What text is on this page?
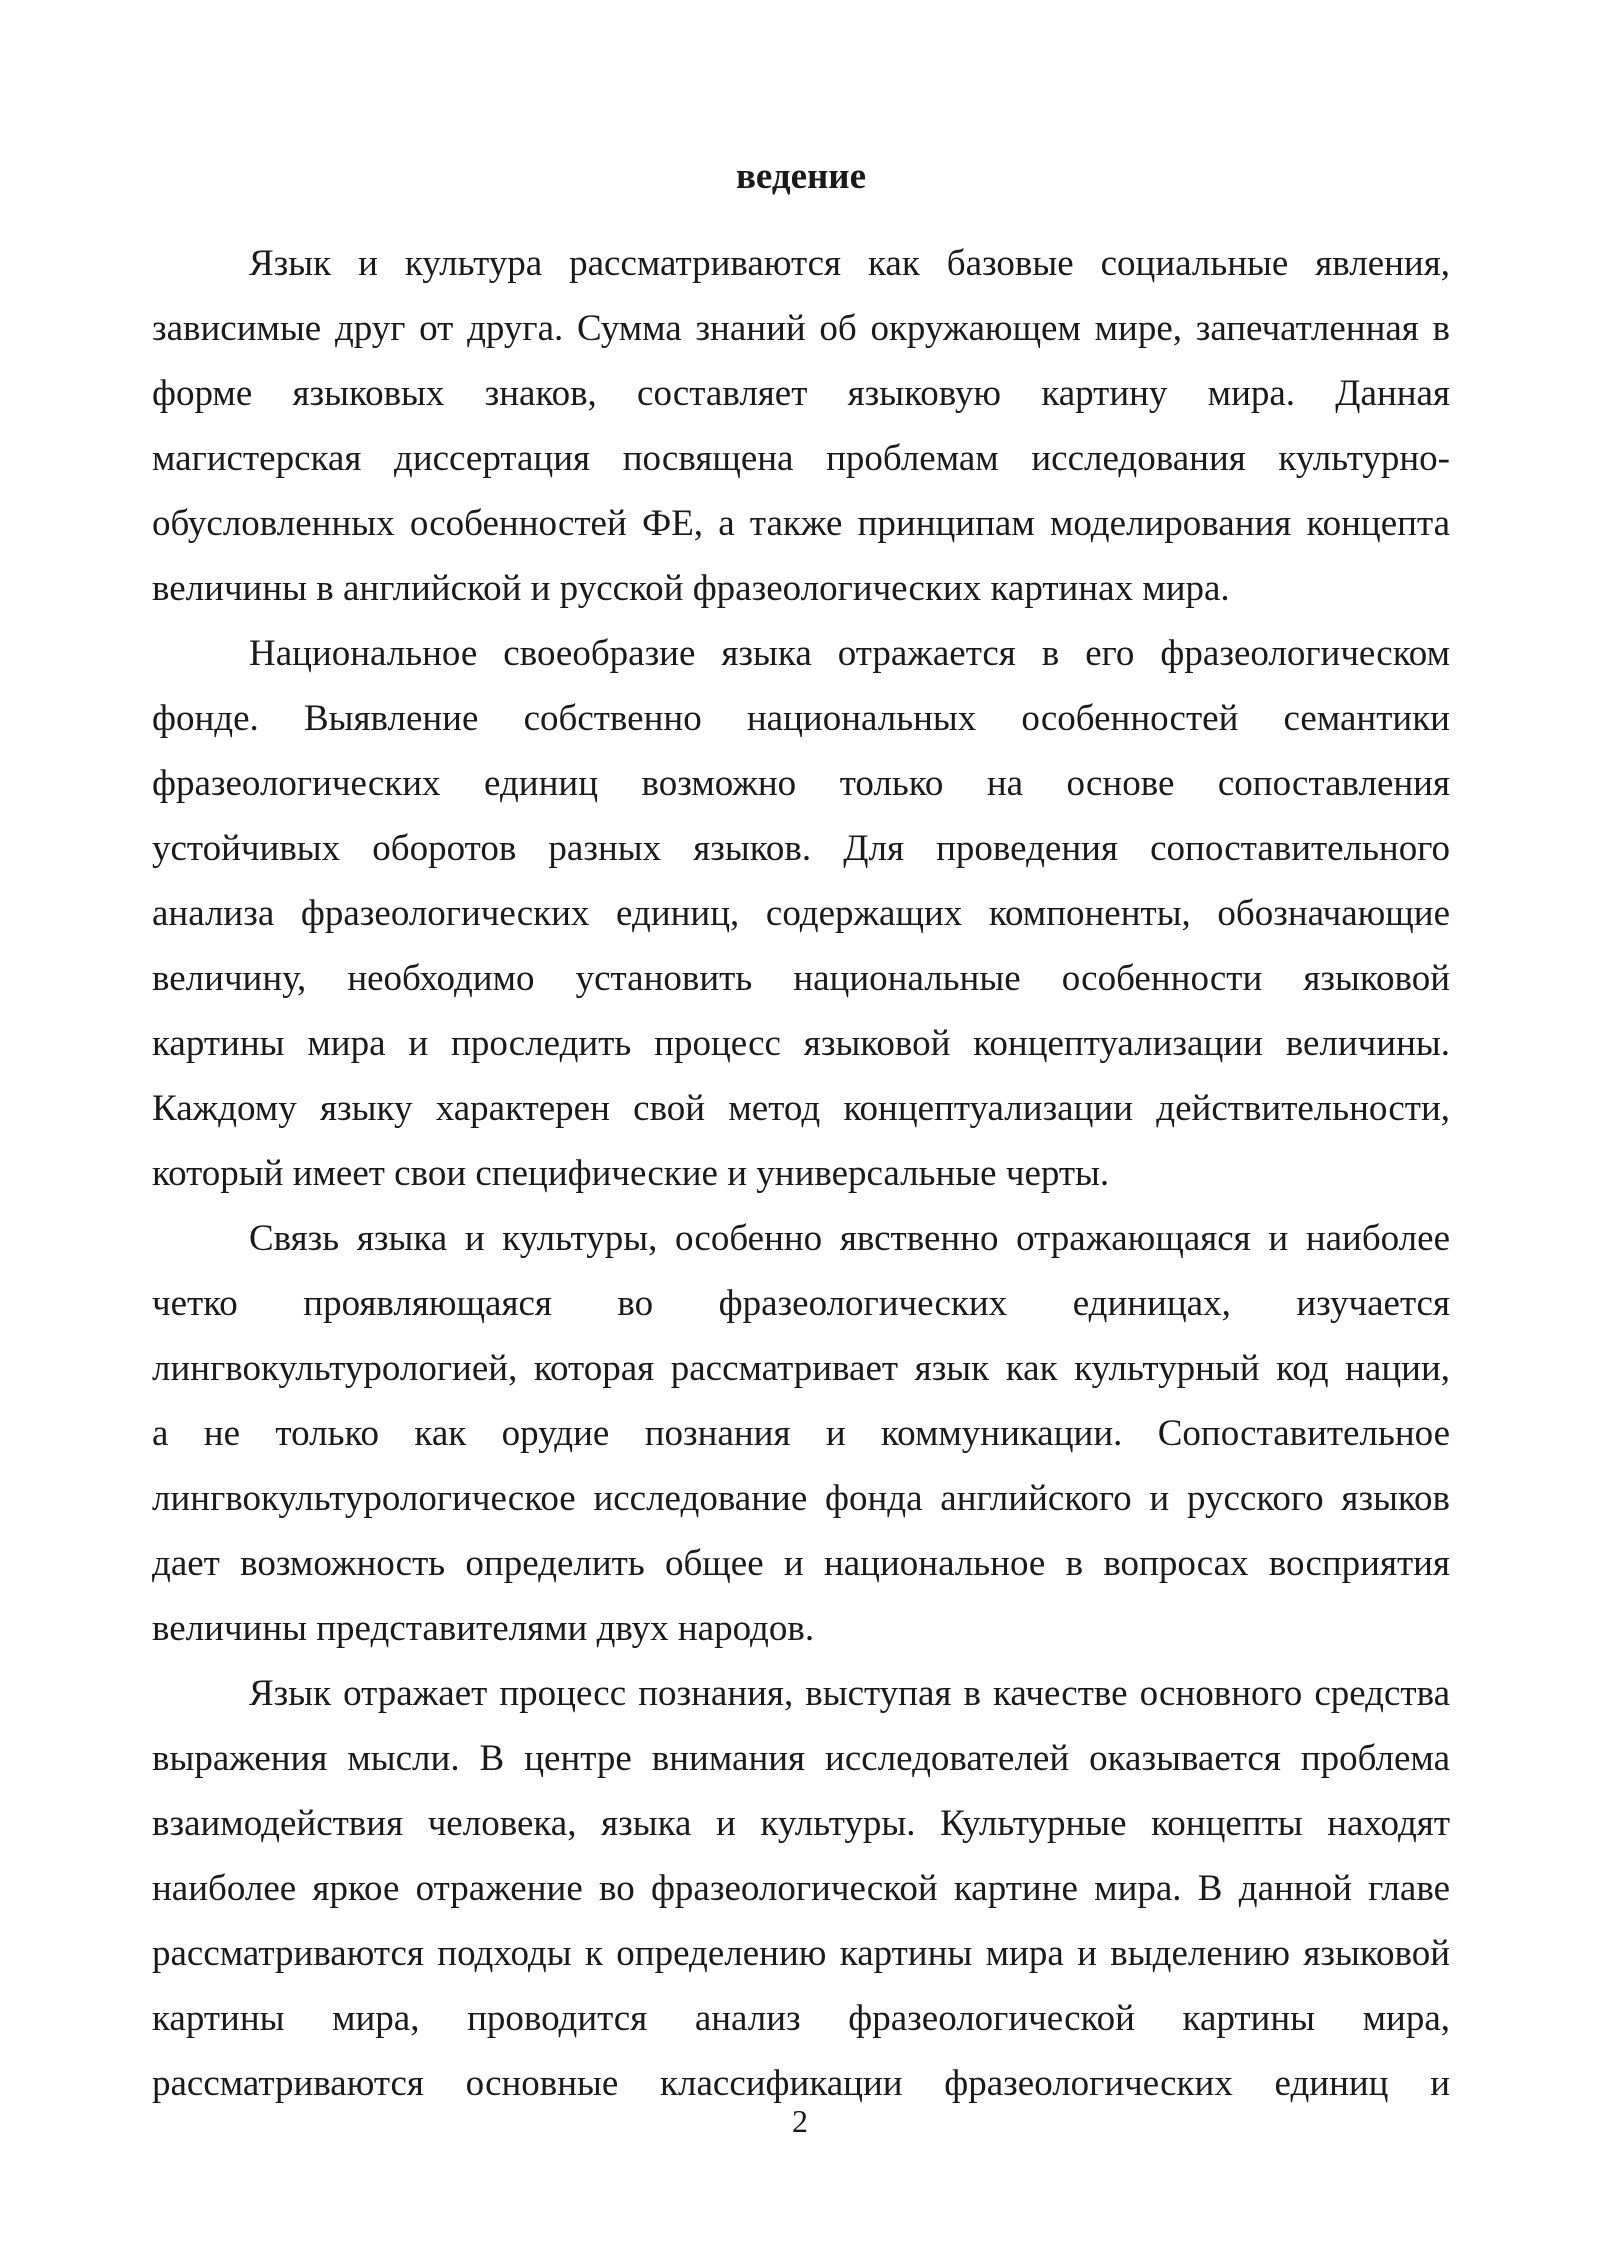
ведение
Язык и культура рассматриваются как базовые социальные явления,
зависимые друг от друга. Сумма знаний об окружающем мире, запечатленная в
форме языковых знаков, составляет языковую картину мира. Данная
магистерская диссертация посвящена проблемам исследования культурно-
обусловленных особенностей ФЕ, а также принципам моделирования концепта
величины в английской и русской фразеологических картинах мира.
Национальное своеобразие языка отражается в его фразеологическом
фонде. Выявление собственно национальных особенностей семантики
фразеологических единиц возможно только на основе сопоставления
устойчивых оборотов разных языков. Для проведения сопоставительного
анализа фразеологических единиц, содержащих компоненты, обозначающие
величину, необходимо установить национальные особенности языковой
картины мира и проследить процесс языковой концептуализации величины.
Каждому языку характерен свой метод концептуализации действительности,
который имеет свои специфические и универсальные черты.
Связь языка и культуры, особенно явственно отражающаяся и наиболее
четко проявляющаяся во фразеологических единицах, изучается
лингвокультурологией, которая рассматривает язык как культурный код нации,
а не только как орудие познания и коммуникации. Сопоставительное
лингвокультурологическое исследование фонда английского и русского языков
дает возможность определить общее и национальное в вопросах восприятия
величины представителями двух народов.
Язык отражает процесс познания, выступая в качестве основного средства
выражения мысли. В центре внимания исследователей оказывается проблема
взаимодействия человека, языка и культуры. Культурные концепты находят
наиболее яркое отражение во фразеологической картине мира. В данной главе
рассматриваются подходы к определению картины мира и выделению языковой
картины мира, проводится анализ фразеологической картины мира,
рассматриваются основные классификации фразеологических единиц и
2
